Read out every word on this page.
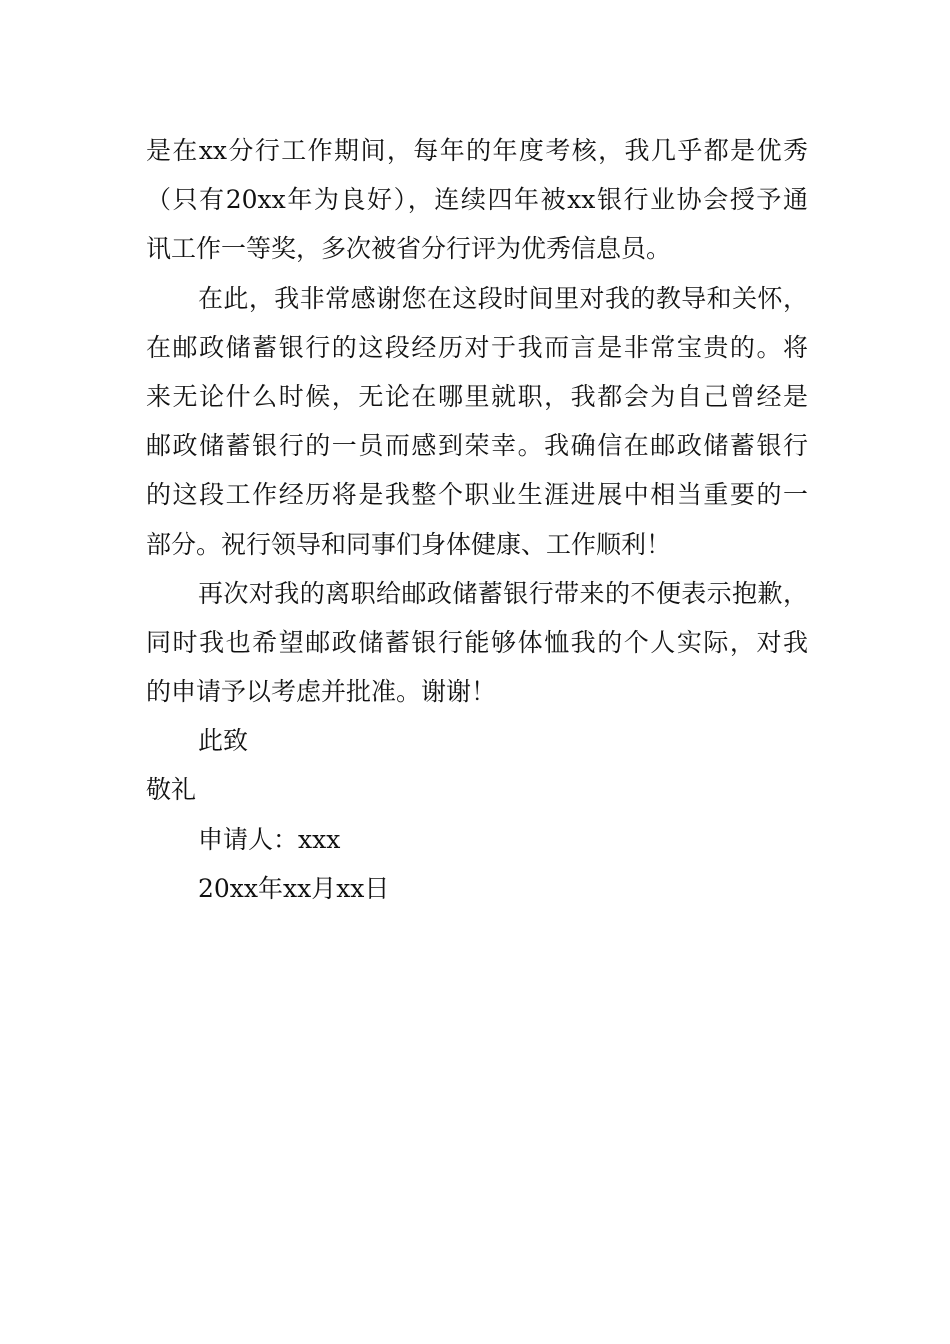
是在xx分行工作期间，每年的年度考核，我几乎都是优秀
（只有20xx年为良好），连续四年被xx银行业协会授予通
讯工作一等奖，多次被省分行评为优秀信息员。
在此，我非常感谢您在这段时间里对我的教导和关怀，
在邮政储蓄银行的这段经历对于我而言是非常宝贵的。将
来无论什么时候，无论在哪里就职，我都会为自己曾经是
邮政储蓄银行的一员而感到荣幸。我确信在邮政储蓄银行
的这段工作经历将是我整个职业生涯进展中相当重要的一
部分。祝行领导和同事们身体健康、工作顺利！
再次对我的离职给邮政储蓄银行带来的不便表示抱歉，
同时我也希望邮政储蓄银行能够体恤我的个人实际，对我
的申请予以考虑并批准。谢谢！
此致
敬礼
申请人：xxx
20xx年xx月xx日
